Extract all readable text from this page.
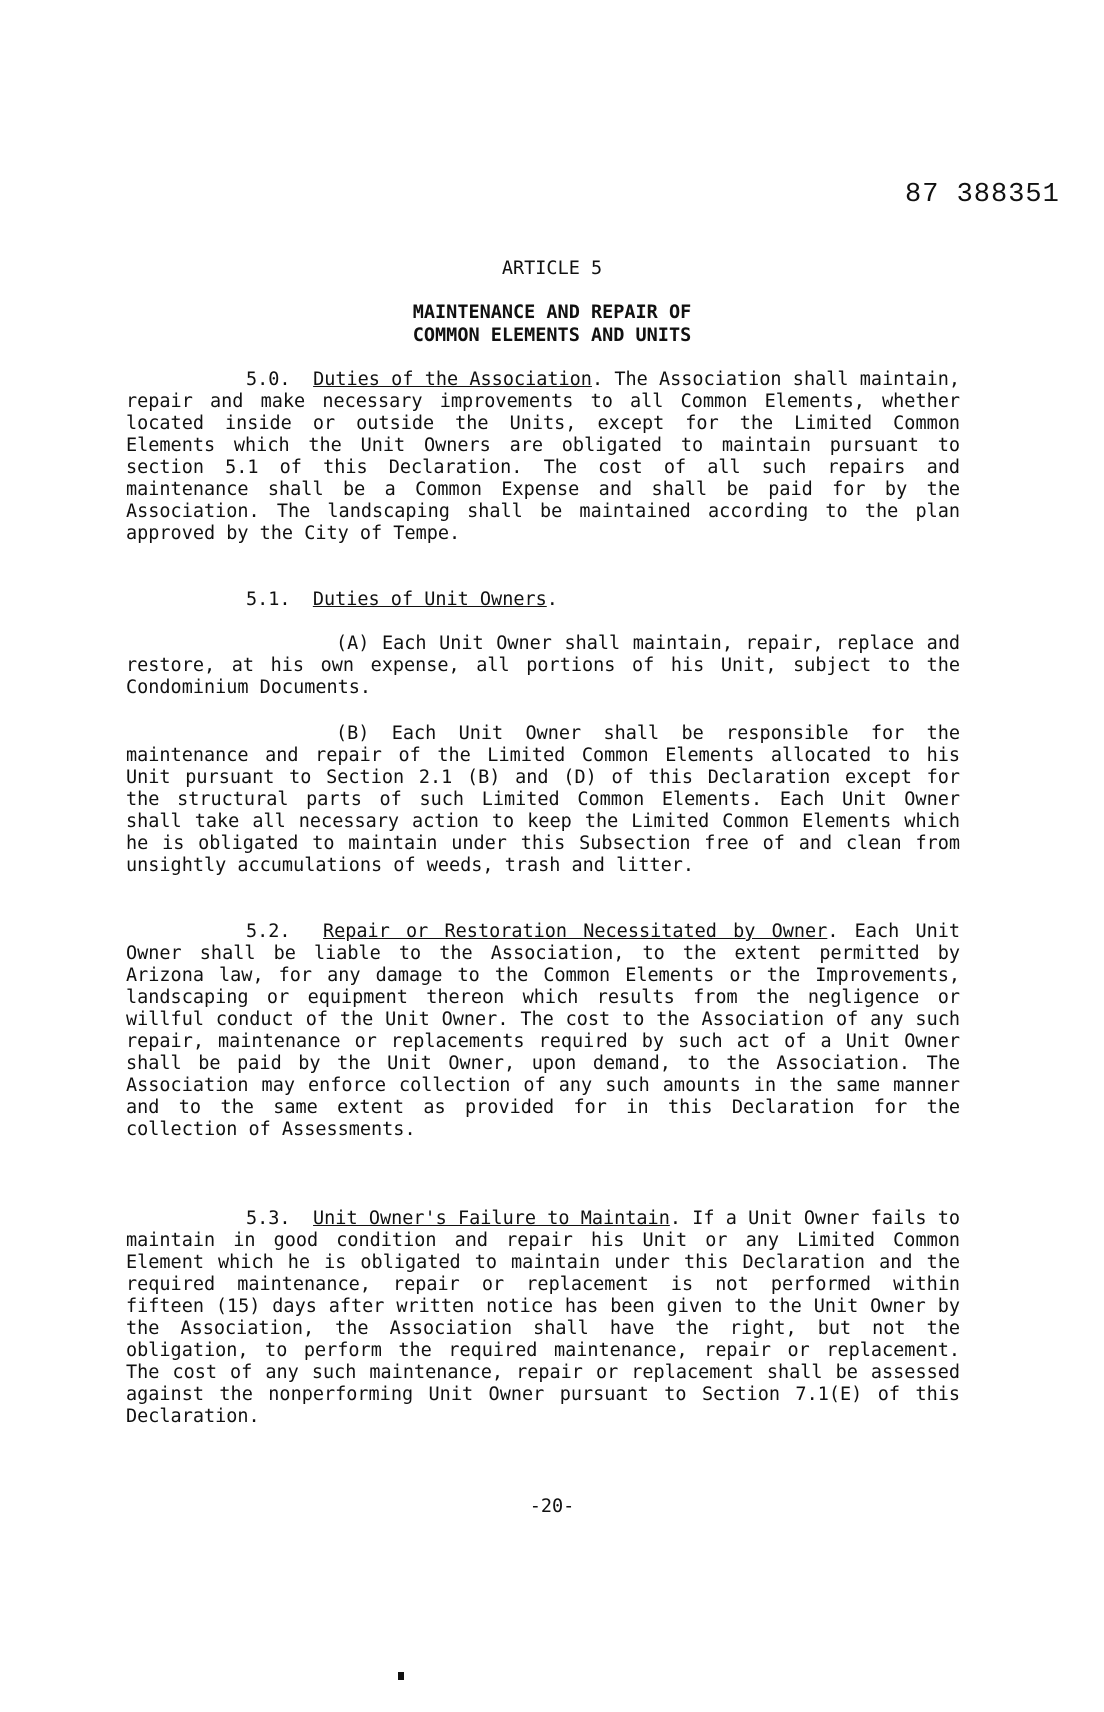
87 388351
ARTICLE 5
MAINTENANCE AND REPAIR OF
COMMON ELEMENTS AND UNITS

5.0. Duties of the Association. The Association shall maintain, repair and make necessary improvements to all Common Elements, whether located inside or outside the Units, except for the Limited Common Elements which the Unit Owners are obligated to maintain pursuant to section 5.1 of this Declaration. The cost of all such repairs and maintenance shall be a Common Expense and shall be paid for by the Association. The landscaping shall be maintained according to the plan approved by the City of Tempe.

5.1. Duties of Unit Owners.

(A) Each Unit Owner shall maintain, repair, replace and restore, at his own expense, all portions of his Unit, subject to the Condominium Documents.

(B) Each Unit Owner shall be responsible for the maintenance and repair of the Limited Common Elements allocated to his Unit pursuant to Section 2.1 (B) and (D) of this Declaration except for the structural parts of such Limited Common Elements. Each Unit Owner shall take all necessary action to keep the Limited Common Elements which he is obligated to maintain under this Subsection free of and clean from unsightly accumulations of weeds, trash and litter.

5.2. Repair or Restoration Necessitated by Owner. Each Unit Owner shall be liable to the Association, to the extent permitted by Arizona law, for any damage to the Common Elements or the Improvements, landscaping or equipment thereon which results from the negligence or willful conduct of the Unit Owner. The cost to the Association of any such repair, maintenance or replacements required by such act of a Unit Owner shall be paid by the Unit Owner, upon demand, to the Association. The Association may enforce collection of any such amounts in the same manner and to the same extent as provided for in this Declaration for the collection of Assessments.

5.3. Unit Owner's Failure to Maintain. If a Unit Owner fails to maintain in good condition and repair his Unit or any Limited Common Element which he is obligated to maintain under this Declaration and the required maintenance, repair or replacement is not performed within fifteen (15) days after written notice has been given to the Unit Owner by the Association, the Association shall have the right, but not the obligation, to perform the required maintenance, repair or replacement. The cost of any such maintenance, repair or replacement shall be assessed against the nonperforming Unit Owner pursuant to Section 7.1(E) of this Declaration.

-20-
